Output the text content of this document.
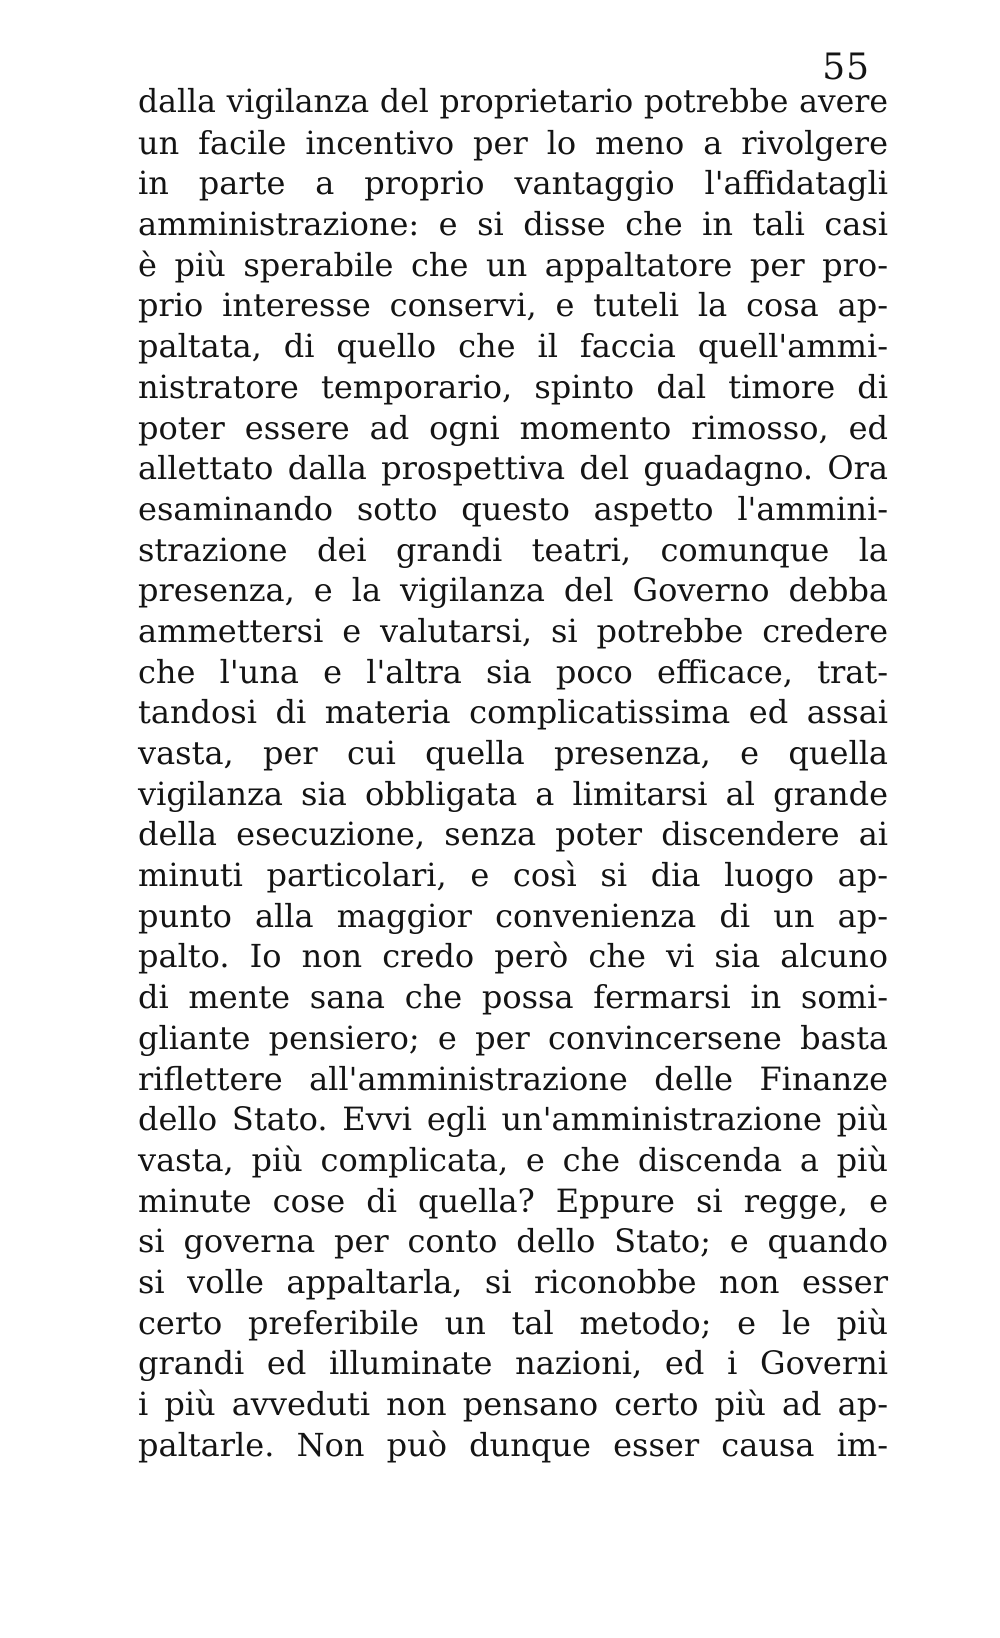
55
dalla vigilanza del proprietario potrebbe avere
un facile incentivo per lo meno a rivolgere
in parte a proprio vantaggio l'affidatagli
amministrazione: e si disse che in tali casi
è più sperabile che un appaltatore per pro-
prio interesse conservi, e tuteli la cosa ap-
paltata, di quello che il faccia quell'ammi-
nistratore temporario, spinto dal timore di
poter essere ad ogni momento rimosso, ed
allettato dalla prospettiva del guadagno. Ora
esaminando sotto questo aspetto l'ammini-
strazione dei grandi teatri, comunque la
presenza, e la vigilanza del Governo debba
ammettersi e valutarsi, si potrebbe credere
che l'una e l'altra sia poco efficace, trat-
tandosi di materia complicatissima ed assai
vasta, per cui quella presenza, e quella
vigilanza sia obbligata a limitarsi al grande
della esecuzione, senza poter discendere ai
minuti particolari, e così si dia luogo ap-
punto alla maggior convenienza di un ap-
palto. Io non credo però che vi sia alcuno
di mente sana che possa fermarsi in somi-
gliante pensiero; e per convincersene basta
riflettere all'amministrazione delle Finanze
dello Stato. Evvi egli un'amministrazione più
vasta, più complicata, e che discenda a più
minute cose di quella? Eppure si regge, e
si governa per conto dello Stato; e quando
si volle appaltarla, si riconobbe non esser
certo preferibile un tal metodo; e le più
grandi ed illuminate nazioni, ed i Governi
i più avveduti non pensano certo più ad ap-
paltarle. Non può dunque esser causa im-
